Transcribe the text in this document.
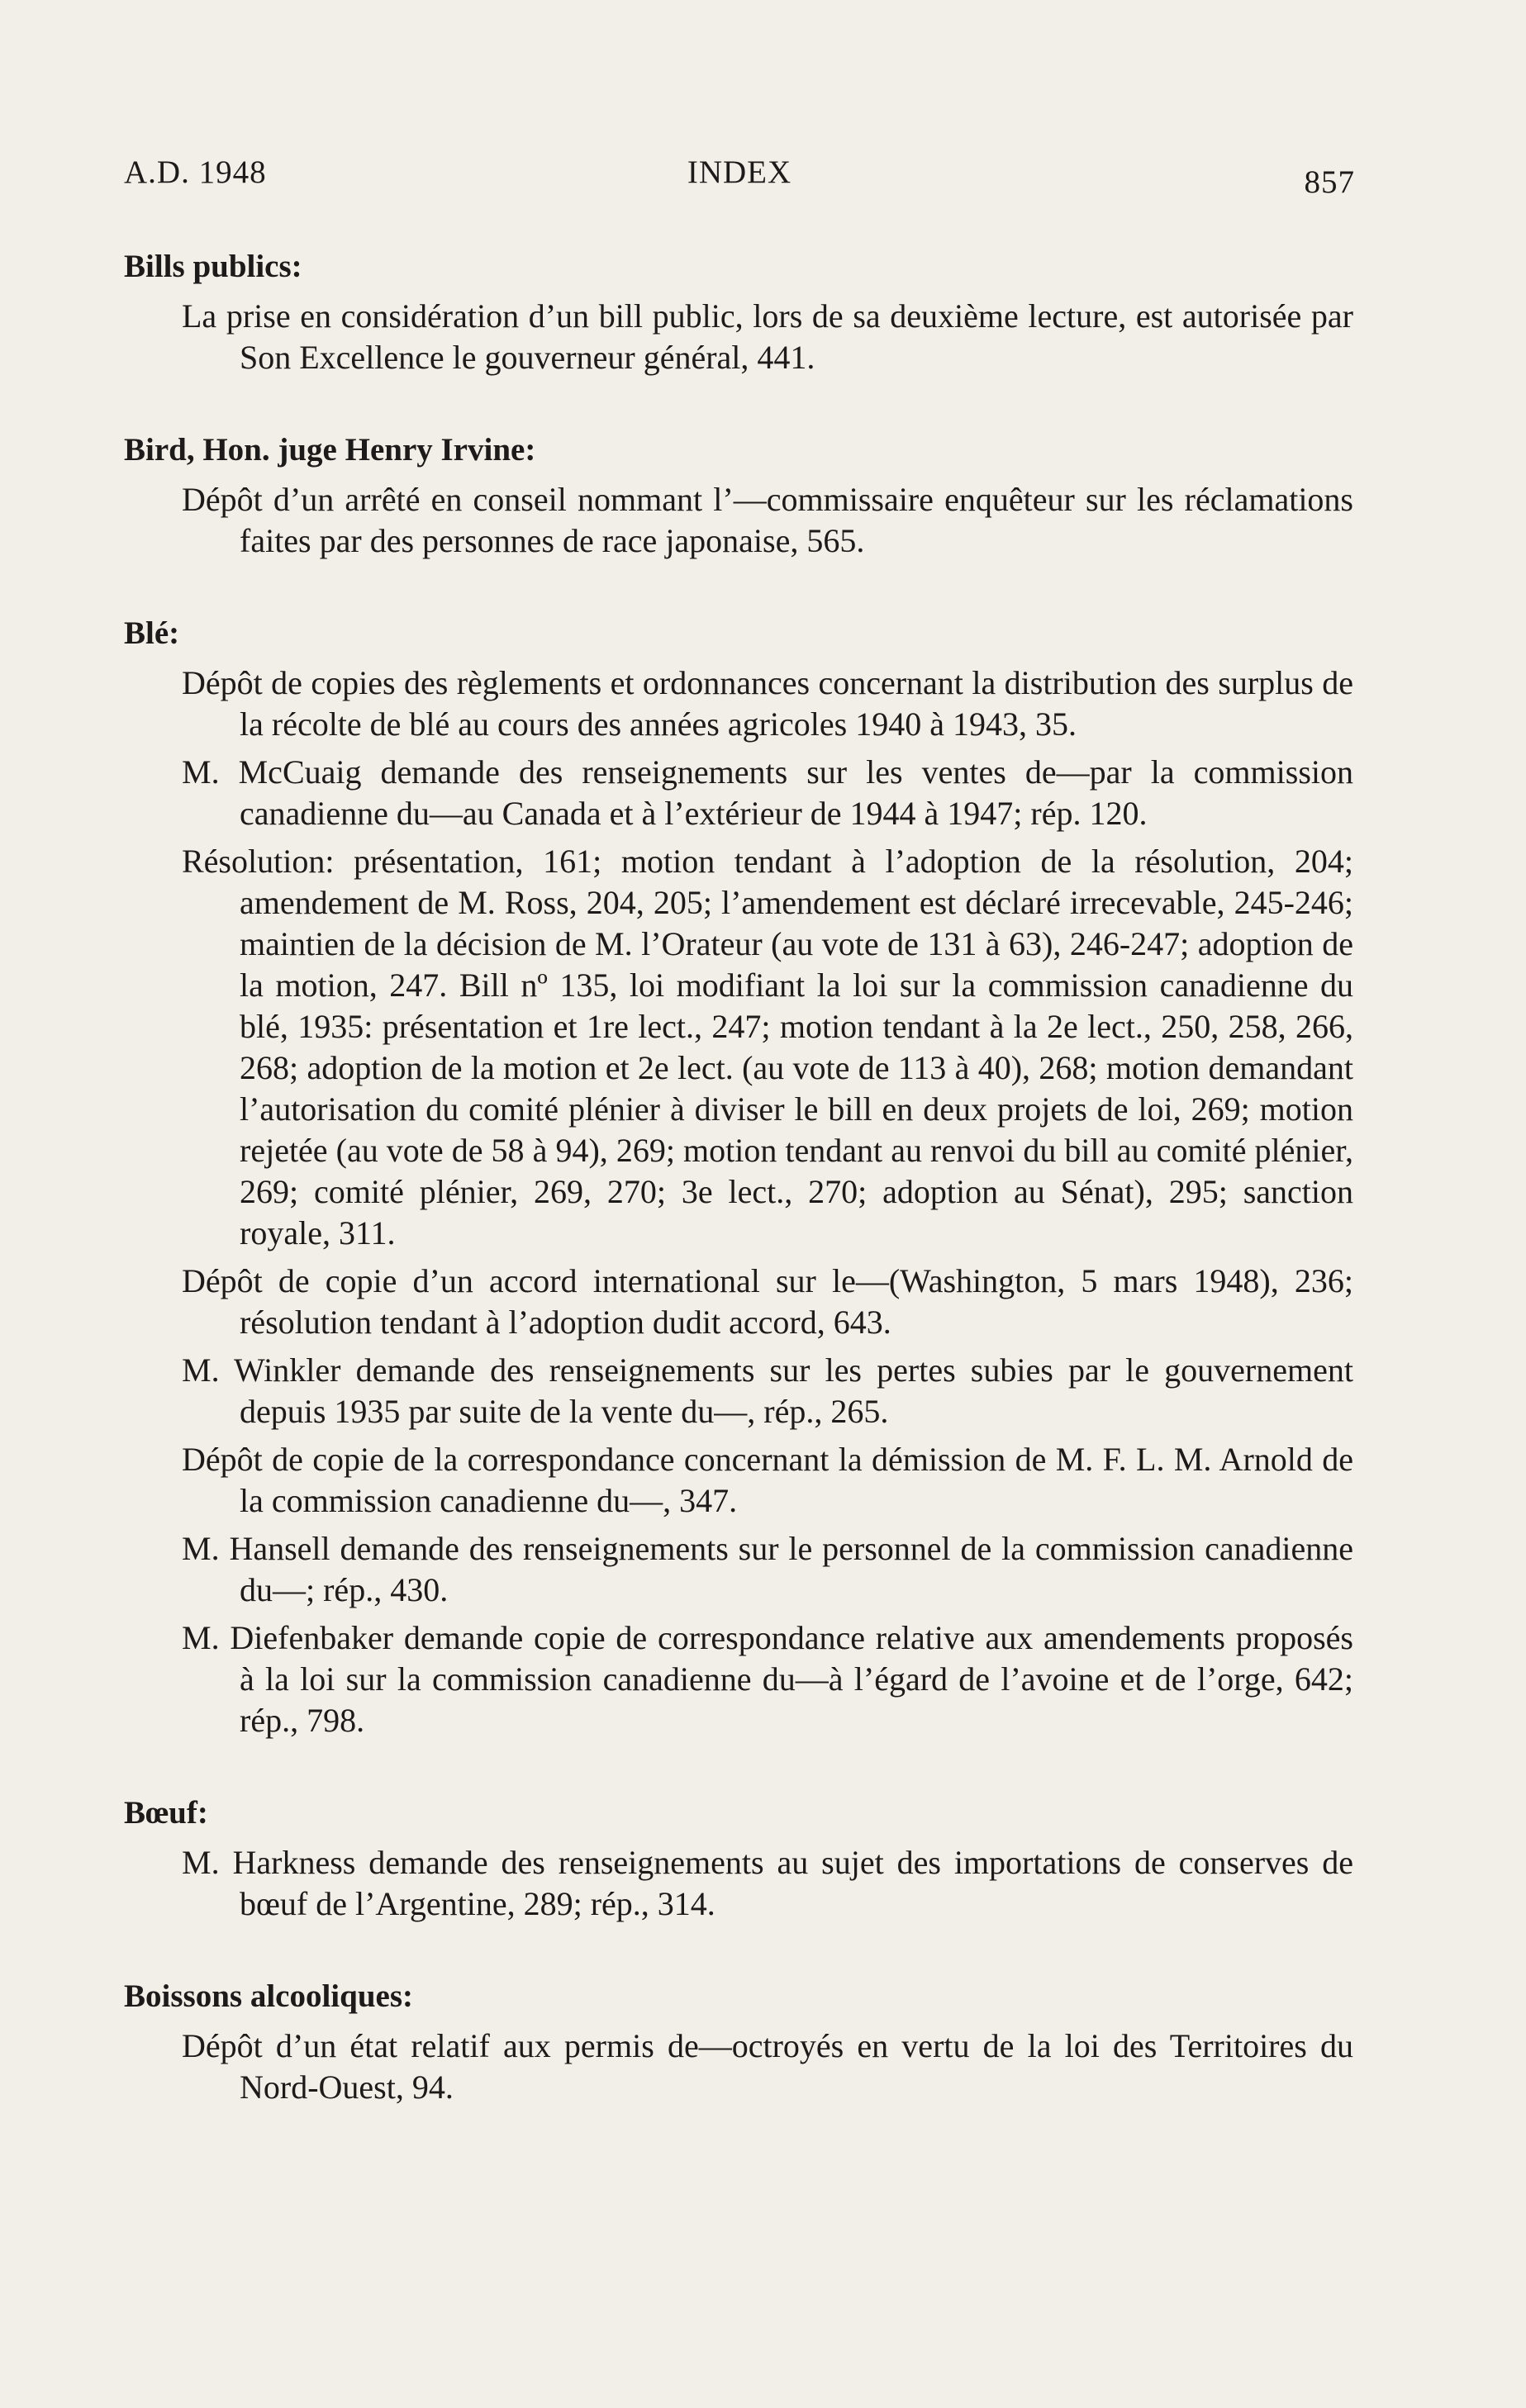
A.D. 1948	INDEX	857
Bills publics:

La prise en considération d’un bill public, lors de sa deuxième lecture, est autorisée par Son Excellence le gouverneur général, 441.

Bird, Hon. juge Henry Irvine:

Dépôt d’un arrêté en conseil nommant l’—commissaire enquêteur sur les réclamations faites par des personnes de race japonaise, 565.

Blé:

Dépôt de copies des règlements et ordonnances concernant la distribution des surplus de la récolte de blé au cours des années agricoles 1940 à 1943, 35.

M. McCuaig demande des renseignements sur les ventes de—par la commission canadienne du—au Canada et à l’extérieur de 1944 à 1947; rép. 120.

Résolution: présentation, 161; motion tendant à l’adoption de la résolution, 204; amendement de M. Ross, 204, 205; l’amendement est déclaré irrecevable, 245-246; maintien de la décision de M. l’Orateur (au vote de 131 à 63), 246-247; adoption de la motion, 247. Bill nº 135, loi modifiant la loi sur la commission canadienne du blé, 1935: présentation et 1re lect., 247; motion tendant à la 2e lect., 250, 258, 266, 268; adoption de la motion et 2e lect. (au vote de 113 à 40), 268; motion demandant l’autorisation du comité plénier à diviser le bill en deux projets de loi, 269; motion rejetée (au vote de 58 à 94), 269; motion tendant au renvoi du bill au comité plénier, 269; comité plénier, 269, 270; 3e lect., 270; adoption au Sénat), 295; sanction royale, 311.

Dépôt de copie d’un accord international sur le—(Washington, 5 mars 1948), 236; résolution tendant à l’adoption dudit accord, 643.

M. Winkler demande des renseignements sur les pertes subies par le gouvernement depuis 1935 par suite de la vente du—, rép., 265.

Dépôt de copie de la correspondance concernant la démission de M. F. L. M. Arnold de la commission canadienne du—, 347.

M. Hansell demande des renseignements sur le personnel de la commission canadienne du—; rép., 430.

M. Diefenbaker demande copie de correspondance relative aux amendements proposés à la loi sur la commission canadienne du—à l’égard de l’avoine et de l’orge, 642; rép., 798.

Bœuf:

M. Harkness demande des renseignements au sujet des importations de conserves de bœuf de l’Argentine, 289; rép., 314.

Boissons alcooliques:

Dépôt d’un état relatif aux permis de—octroyés en vertu de la loi des Territoires du Nord-Ouest, 94.
